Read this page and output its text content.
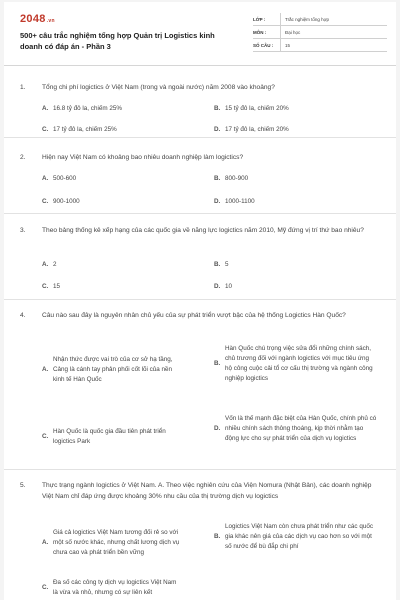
2048.vn
500+ câu trắc nghiệm tổng hợp Quản trị Logistics kinh doanh có đáp án - Phần 3
LỚP :	Trắc nghiệm tổng hợp
MÔN :	Đại học
SỐ CÂU :	15
1.	Tổng chi phí logictics ở Việt Nam (trong và ngoài nước) năm 2008 vào khoảng?
A. 16.8 tỷ đô la, chiếm 25%	B. 15 tỷ đô la, chiếm 20%
C. 17 tỷ đô la, chiếm 25%	D. 17 tỷ đô la, chiếm 20%
2.	Hiện nay Việt Nam có khoảng bao nhiêu doanh nghiệp làm logictics?
A. 500-600	B. 800-900
C. 900-1000	D. 1000-1100
3.	Theo bảng thống kê xếp hạng của các quốc gia về năng lực logictics năm 2010, Mỹ đứng vị trí thứ bao nhiêu?
A. 2	B. 5
C. 15	D. 10
4.	Câu nào sau đây là nguyên nhân chủ yếu của sự phát triển vượt bậc của hệ thống Logictics Hàn Quốc?
A.
Nhận thức được vai trò của cơ sở hạ tầng, Cảng là cánh tay phản phối cốt lõi của nền kinh tế Hàn Quốc
B.
Hàn Quốc chú trọng việc sửa đổi những chính sách, chủ trương đối với ngành logictics với mục tiêu ứng hộ công cuộc cải tổ cơ cấu thị trường và ngành công nghiệp logictics
C.
Hàn Quốc là quốc gia đầu tiên phát triển logictics Park
D.
Vốn là thế mạnh đặc biệt của Hàn Quốc, chính phủ có nhiều chính sách thông thoáng, kịp thời nhằm tạo động lực cho sự phát triển của dịch vụ logictics
5.	Thực trạng ngành logictics ở Việt Nam. A. Theo việc nghiên cứu của Viện Nomura (Nhật Bản), các doanh nghiệp Việt Nam chỉ đáp ứng được khoảng 30% nhu cầu của thị trường dịch vụ logictics
A.
Giá cả logictics Việt Nam tương đối rẻ so với một số nước khác, nhưng chất lương dịch vụ chưa cao và phát triển bền vững
B.
Logictics Việt Nam còn chưa phát triển như các quốc gia khác nên giá của các dịch vụ cao hơn so với một số nước để bù đắp chi phí
C.
Đa số các công ty dịch vụ logictics Việt Nam là vừa và nhỏ, nhưng có sự liên kết
